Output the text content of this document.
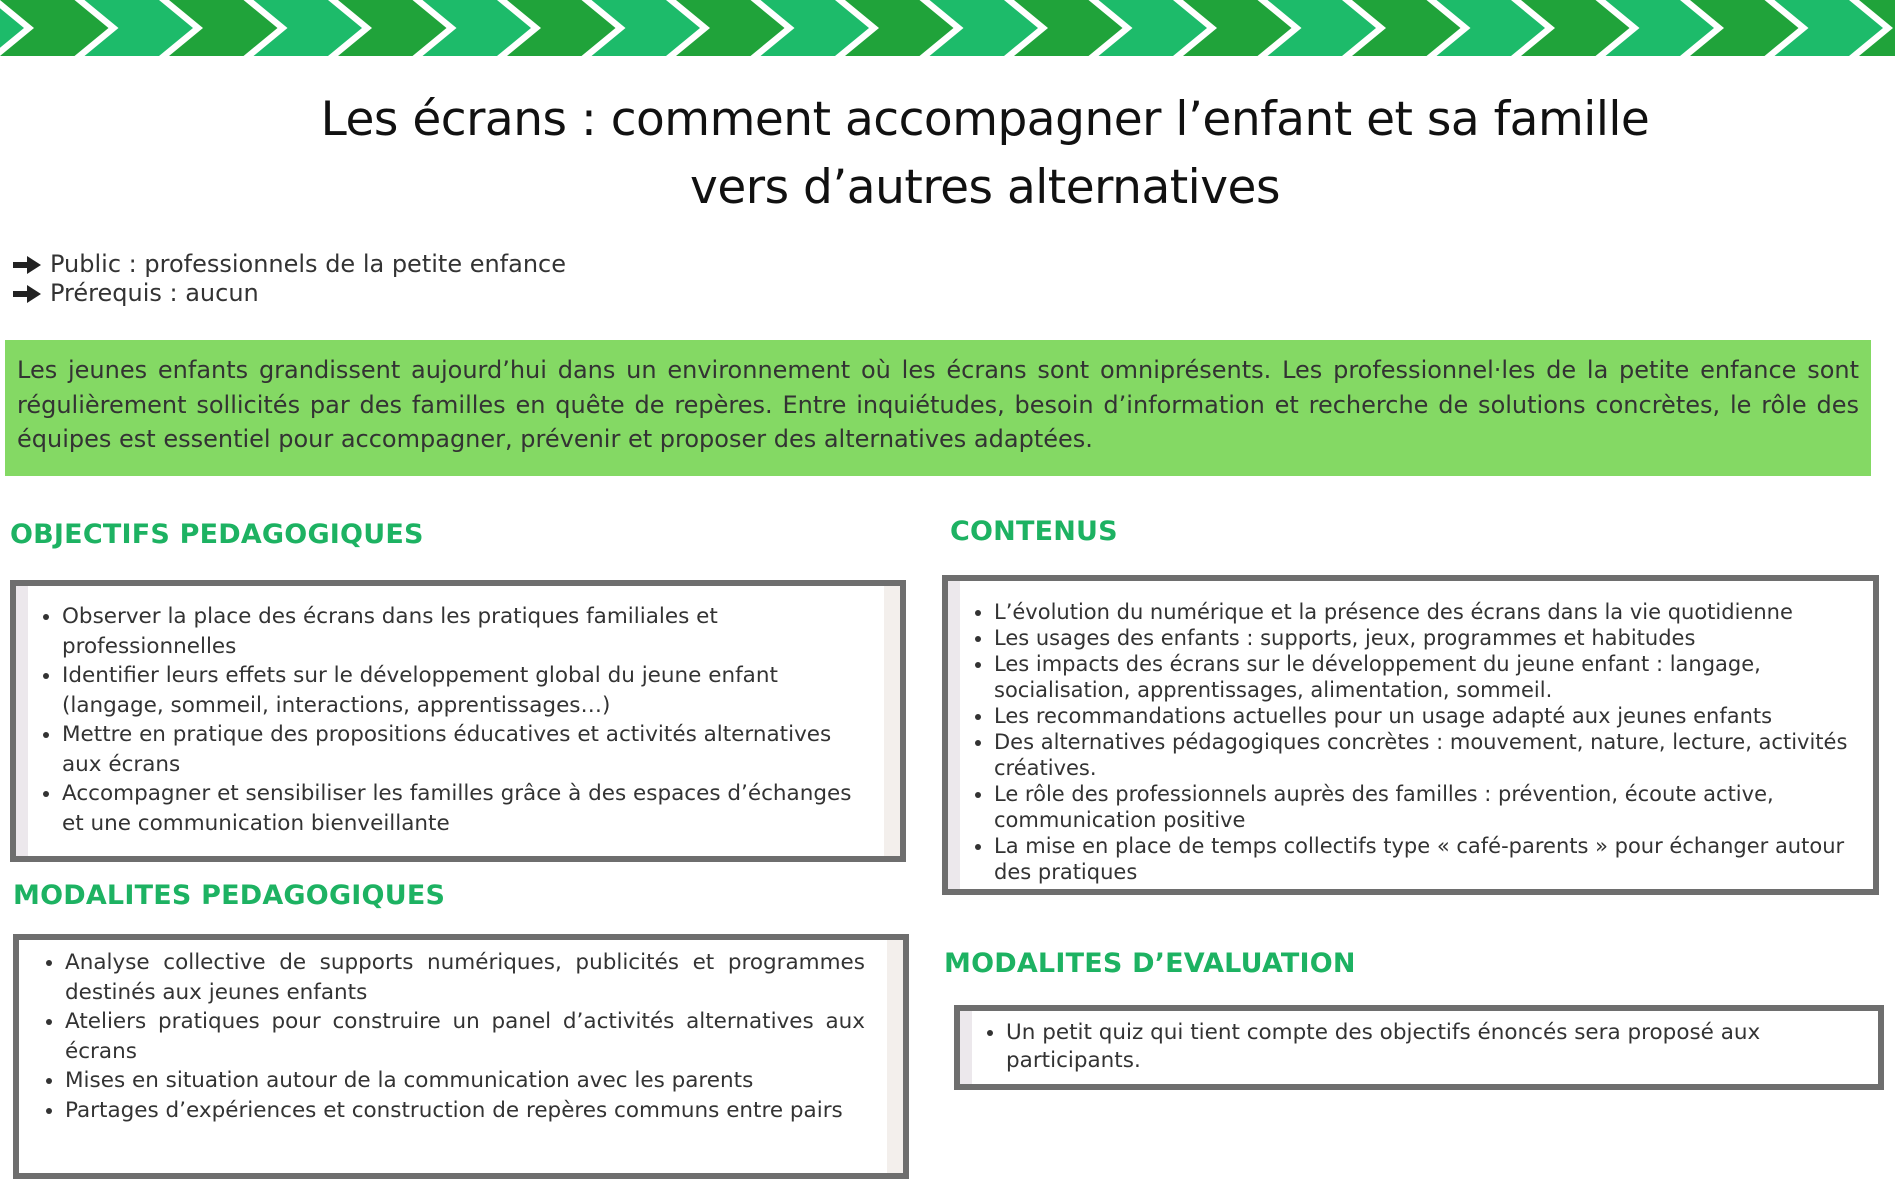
Les écrans : comment accompagner l’enfant et sa famille
vers d’autres alternatives
Public : professionnels de la petite enfance
Prérequis : aucun
Les jeunes enfants grandissent aujourd’hui dans un environnement où les écrans sont omniprésents. Les professionnel·les de la petite enfance sont régulièrement sollicités par des familles en quête de repères. Entre inquiétudes, besoin d’information et recherche de solutions concrètes, le rôle des équipes est essentiel pour accompagner, prévenir et proposer des alternatives adaptées.
OBJECTIFS PEDAGOGIQUES
• Observer la place des écrans dans les pratiques familiales et professionnelles
• Identifier leurs effets sur le développement global du jeune enfant (langage, sommeil, interactions, apprentissages…)
• Mettre en pratique des propositions éducatives et activités alternatives aux écrans
• Accompagner et sensibiliser les familles grâce à des espaces d’échanges et une communication bienveillante
MODALITES PEDAGOGIQUES
• Analyse collective de supports numériques, publicités et programmes destinés aux jeunes enfants
• Ateliers pratiques pour construire un panel d’activités alternatives aux écrans
• Mises en situation autour de la communication avec les parents
• Partages d’expériences et construction de repères communs entre pairs
CONTENUS
• L’évolution du numérique et la présence des écrans dans la vie quotidienne
• Les usages des enfants : supports, jeux, programmes et habitudes
• Les impacts des écrans sur le développement du jeune enfant : langage, socialisation, apprentissages, alimentation, sommeil.
• Les recommandations actuelles pour un usage adapté aux jeunes enfants
• Des alternatives pédagogiques concrètes : mouvement, nature, lecture, activités créatives.
• Le rôle des professionnels auprès des familles : prévention, écoute active, communication positive
• La mise en place de temps collectifs type « café-parents » pour échanger autour des pratiques
MODALITES D’EVALUATION
• Un petit quiz qui tient compte des objectifs énoncés sera proposé aux participants.
